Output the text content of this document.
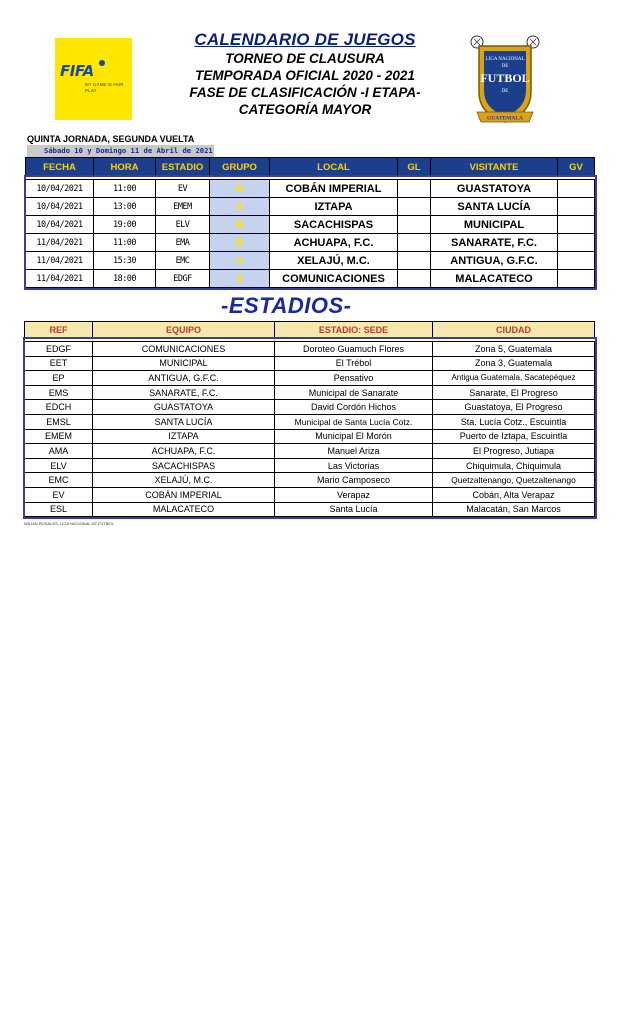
FIFA
MY GAME IS FAIR PLAY
CALENDARIO DE JUEGOS
TORNEO DE CLAUSURA
TEMPORADA OFICIAL 2020 - 2021
FASE DE CLASIFICACIÓN -I ETAPA-
CATEGORÍA MAYOR
LIGA NACIONAL
DE
FUTBOL
DE
GUATEMALA
QUINTA JORNADA, SEGUNDA VUELTA
Sábado 10 y Domingo 11 de Abril de 2021
FECHA	HORA	ESTADIO	GRUPO	LOCAL	GL	VISITANTE	GV

10/04/2021	11:00	EV	B	COBÁN IMPERIAL		GUASTATOYA	
10/04/2021	13:00	EMEM	A	IZTAPA		SANTA LUCÍA	
10/04/2021	19:00	ELV	B	SACACHISPAS		MUNICIPAL	
11/04/2021	11:00	EMA	B	ACHUAPA, F.C.		SANARATE, F.C.	
11/04/2021	15:30	EMC	A	XELAJÚ, M.C.		ANTIGUA, G.F.C.	
11/04/2021	18:00	EDGF	A	COMUNICACIONES		MALACATECO	
-ESTADIOS-
REF	EQUIPO	ESTADIO: SEDE	CIUDAD

EDGF	COMUNICACIONES	Doroteo Guamuch Flores	Zona 5, Guatemala
EET	MUNICIPAL	El Trébol	Zona 3, Guatemala
EP	ANTIGUA, G.F.C.	Pensativo	Antigua Guatemala, Sacatepéquez
EMS	SANARATE, F.C.	Municipal de Sanarate	Sanarate, El Progreso
EDCH	GUASTATOYA	David Cordón Hichos	Guastatoya, El Progreso
EMSL	SANTA LUCÍA	Municipal de Santa Lucía Cotz.	Sta. Lucía Cotz., Escuintla
EMEM	IZTAPA	Municipal El Morón	Puerto de Iztapa, Escuintla
AMA	ACHUAPA, F.C.	Manuel Ariza	El Progreso, Jutiapa
ELV	SACACHISPAS	Las Victorias	Chiquimula, Chiquimula
EMC	XELAJÚ, M.C.	Mario Camposeco	Quetzaltenango, Quetzaltenango
EV	COBÁN IMPERIAL	Verapaz	Cobán, Alta Verapaz
ESL	MALACATECO	Santa Lucía	Malacatán, San Marcos
WILIAN ROSALES, LIGA NACIONAL DE FUTBOL
